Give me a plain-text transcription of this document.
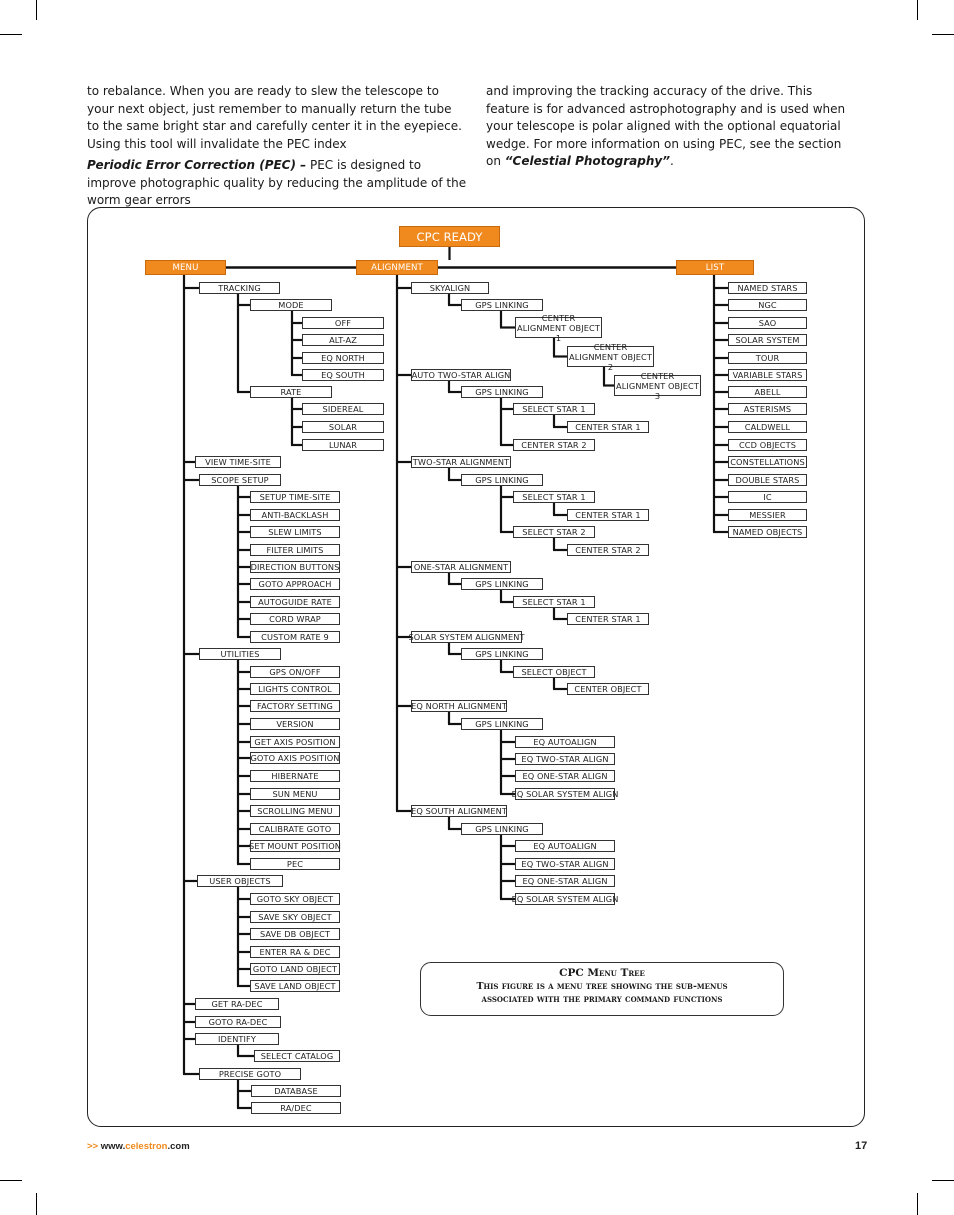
to rebalance. When you are ready to slew the telescope to your next object, just remember to manually return the tube to the same bright star and carefully center it in the eyepiece. Using this tool will invalidate the PEC index

Periodic Error Correction (PEC) – PEC is designed to improve photographic quality by reducing the amplitude of the worm gear errors

and improving the tracking accuracy of the drive. This feature is for advanced astrophotography and is used when your telescope is polar aligned with the optional equatorial wedge. For more information on using PEC, see the section on “Celestial Photography”.

CPC READY
MENU	ALIGNMENT	LIST
TRACKING
MODE
RATE
OFF
ALT-AZ
EQ NORTH
EQ SOUTH
SIDEREAL
SOLAR
LUNAR
VIEW TIME-SITE
SCOPE SETUP
SETUP TIME-SITE
ANTI-BACKLASH
SLEW LIMITS
FILTER LIMITS
DIRECTION BUTTONS
GOTO APPROACH
AUTOGUIDE RATE
CORD WRAP
CUSTOM RATE 9
UTILITIES
GPS ON/OFF
LIGHTS CONTROL
FACTORY SETTING
VERSION
GET AXIS POSITION
GOTO AXIS POSITION
HIBERNATE
SUN MENU
SCROLLING MENU
CALIBRATE GOTO
SET MOUNT POSITION
PEC
USER OBJECTS
GOTO SKY OBJECT
SAVE SKY OBJECT
SAVE DB OBJECT
ENTER RA & DEC
GOTO LAND OBJECT
SAVE LAND OBJECT
GET RA-DEC
GOTO RA-DEC
IDENTIFY
SELECT CATALOG
PRECISE GOTO
DATABASE
RA/DEC
SKYALIGN
GPS LINKING
CENTER ALIGNMENT OBJECT 1
CENTER ALIGNMENT OBJECT 2
CENTER ALIGNMENT OBJECT 3
AUTO TWO-STAR ALIGN
GPS LINKING
SELECT STAR 1
CENTER STAR 2
CENTER STAR 1
TWO-STAR ALIGNMENT
GPS LINKING
SELECT STAR 1
SELECT STAR 2
CENTER STAR 1
CENTER STAR 2
ONE-STAR ALIGNMENT
GPS LINKING
SELECT STAR 1
CENTER STAR 1
SOLAR SYSTEM ALIGNMENT
GPS LINKING
SELECT OBJECT
CENTER OBJECT
EQ NORTH ALIGNMENT
GPS LINKING
EQ AUTOALIGN
EQ TWO-STAR ALIGN
EQ ONE-STAR ALIGN
EQ SOLAR SYSTEM ALIGN
EQ SOUTH ALIGNMENT
GPS LINKING
EQ AUTOALIGN
EQ TWO-STAR ALIGN
EQ ONE-STAR ALIGN
EQ SOLAR SYSTEM ALIGN
NAMED STARS
NGC
SAO
SOLAR SYSTEM
TOUR
VARIABLE STARS
ABELL
ASTERISMS
CALDWELL
CCD OBJECTS
CONSTELLATIONS
DOUBLE STARS
IC
MESSIER
NAMED OBJECTS
CPC Menu Tree
This figure is a menu tree showing the sub-menus
associated with the primary command functions
>> www.celestron.com	17
